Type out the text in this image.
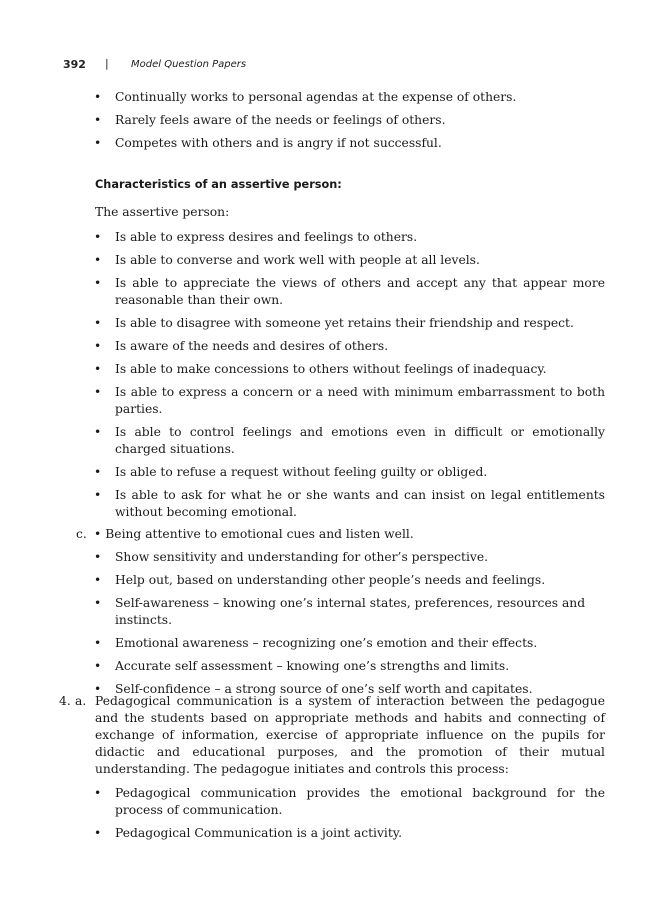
392 | Model Question Papers
• Continually works to personal agendas at the expense of others.
• Rarely feels aware of the needs or feelings of others.
• Competes with others and is angry if not successful.
Characteristics of an assertive person:
The assertive person:
• Is able to express desires and feelings to others.
• Is able to converse and work well with people at all levels.
• Is able to appreciate the views of others and accept any that appear more reasonable than their own.
• Is able to disagree with someone yet retains their friendship and respect.
• Is aware of the needs and desires of others.
• Is able to make concessions to others without feelings of inadequacy.
• Is able to express a concern or a need with minimum embarrassment to both parties.
• Is able to control feelings and emotions even in difficult or emotionally charged situations.
• Is able to refuse a request without feeling guilty or obliged.
• Is able to ask for what he or she wants and can insist on legal entitlements without becoming emotional.
c. • Being attentive to emotional cues and listen well.
• Show sensitivity and understanding for other’s perspective.
• Help out, based on understanding other people’s needs and feelings.
• Self-awareness – knowing one’s internal states, preferences, resources and instincts.
• Emotional awareness – recognizing one’s emotion and their effects.
• Accurate self assessment – knowing one’s strengths and limits.
• Self-confidence – a strong source of one’s self worth and capitates.
4. a. Pedagogical communication is a system of interaction between the pedagogue and the students based on appropriate methods and habits and connecting of exchange of information, exercise of appropriate influence on the pupils for didactic and educational purposes, and the promotion of their mutual understanding. The pedagogue initiates and controls this process:
• Pedagogical communication provides the emotional background for the process of communication.
• Pedagogical Communication is a joint activity.
